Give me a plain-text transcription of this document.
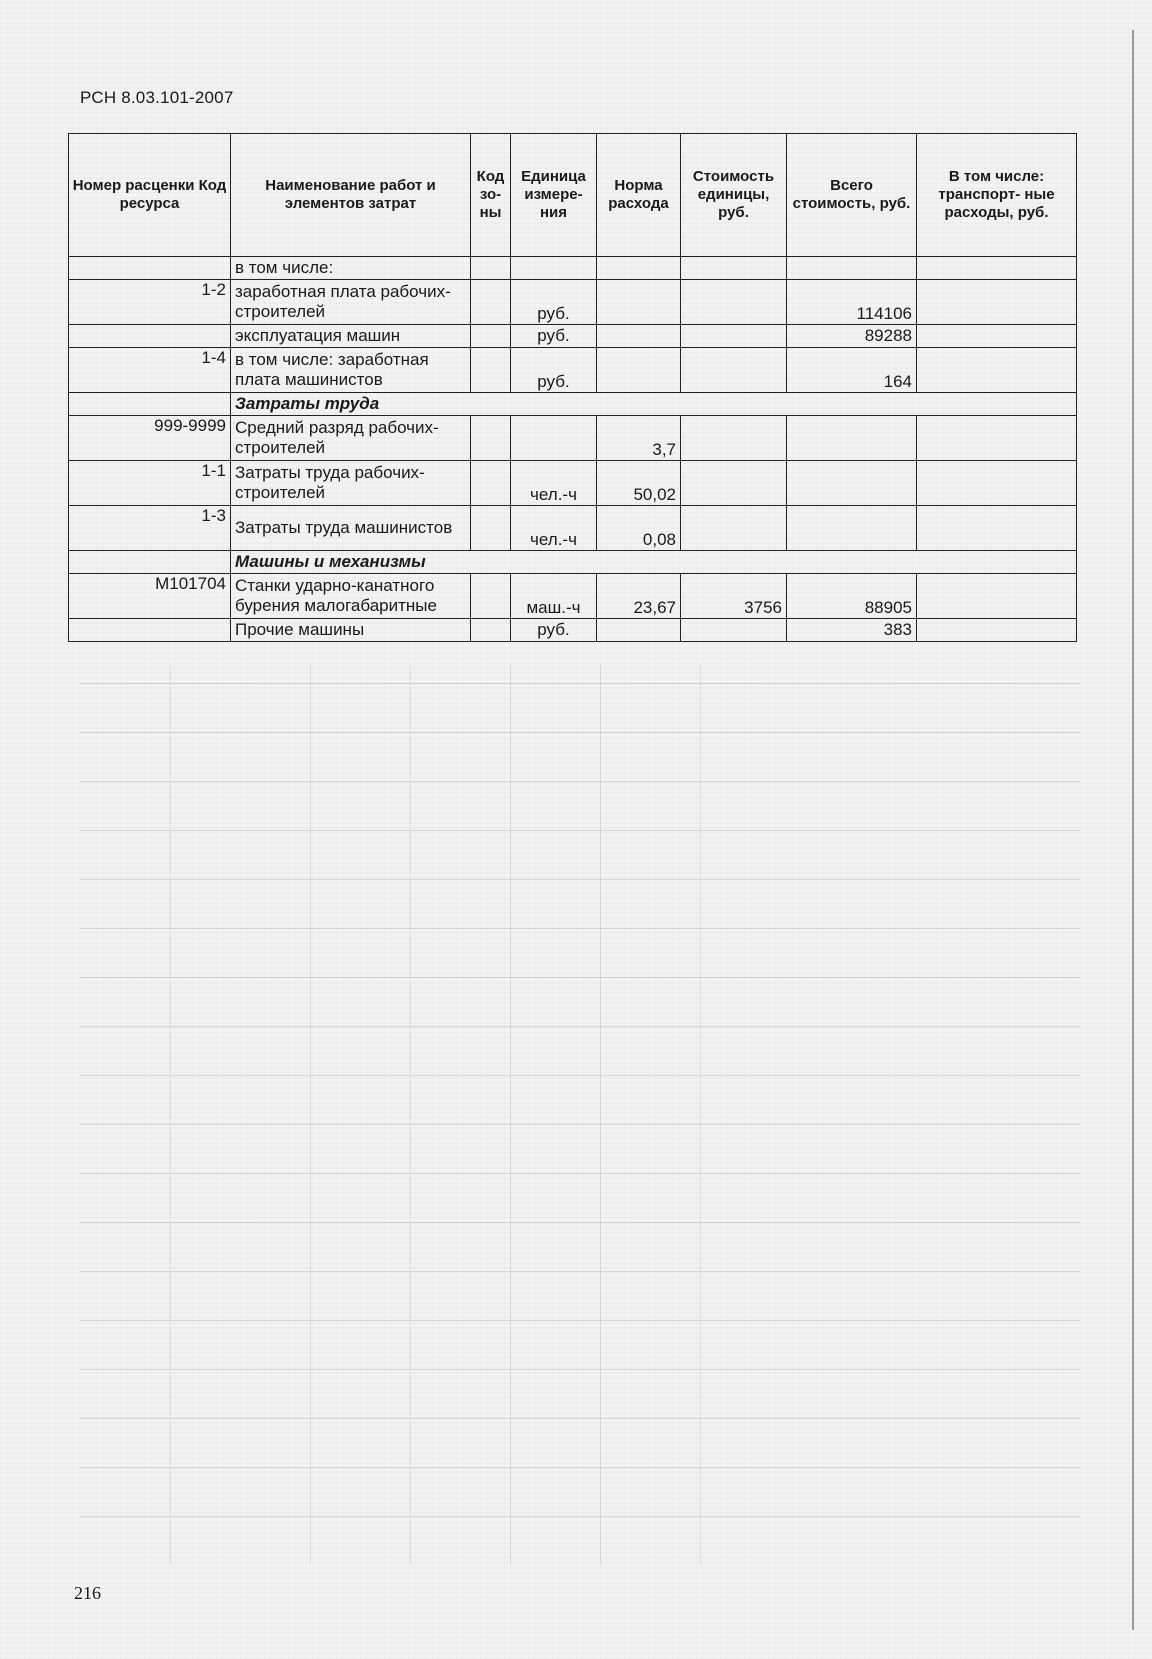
РСН 8.03.101-2007
Номер расценки Код ресурса	Наименование работ и элементов затрат	Код зо- ны	Единица измере- ния	Норма расхода	Стоимость единицы, руб.	Всего стоимость, руб.	В том числе: транспорт- ные расходы, руб.
	в том числе:						
1-2	заработная плата рабочих-строителей		руб.			114106	
	эксплуатация машин		руб.			89288	
1-4	в том числе: заработная плата машинистов		руб.			164	
	Затраты труда						
999-9999	Средний разряд рабочих-строителей			3,7			
1-1	Затраты труда рабочих-строителей		чел.-ч	50,02			
1-3	Затраты труда машинистов		чел.-ч	0,08			
	Машины и механизмы						
М101704	Станки ударно-канатного бурения малогабаритные		маш.-ч	23,67	3756	88905	
	Прочие машины		руб.			383	
216
